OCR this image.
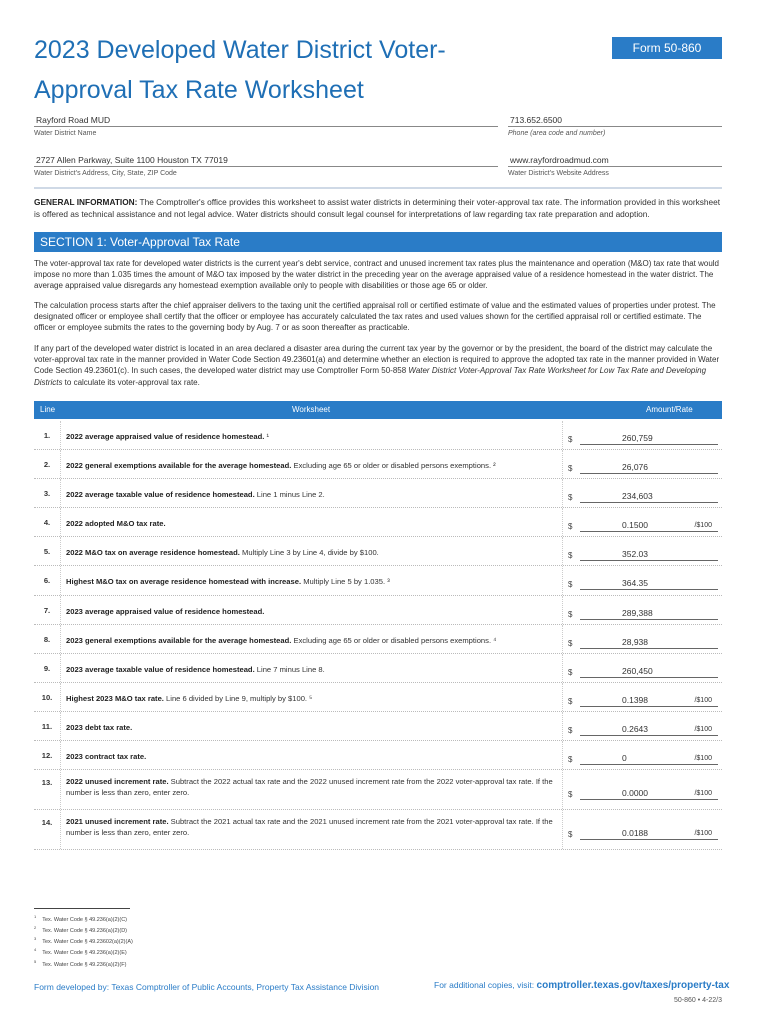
2023 Developed Water District Voter-
Approval Tax Rate Worksheet
Form 50-860
Rayford Road MUD
Water District Name
713.652.6500
Phone (area code and number)
2727 Allen Parkway, Suite 1100 Houston TX 77019
Water District's Address, City, State, ZIP Code
www.rayfordroadmud.com
Water District's Website Address
GENERAL INFORMATION: The Comptroller's office provides this worksheet to assist water districts in determining their voter-approval tax rate. The information provided in this worksheet is offered as technical assistance and not legal advice. Water districts should consult legal counsel for interpretations of law regarding tax rate preparation and adoption.
SECTION 1: Voter-Approval Tax Rate

The voter-approval tax rate for developed water districts is the current year's debt service, contract and unused increment tax rates plus the maintenance and operation (M&O) tax rate that would impose no more than 1.035 times the amount of M&O tax imposed by the water district in the preceding year on the average appraised value of a residence homestead in the water district. The average appraised value disregards any homestead exemption available only to people with disabilities or those age 65 or older.

The calculation process starts after the chief appraiser delivers to the taxing unit the certified appraisal roll or certified estimate of value and the estimated values of properties under protest. The designated officer or employee shall certify that the officer or employee has accurately calculated the tax rates and used values shown for the certified appraisal roll or certified estimate. The officer or employee submits the rates to the governing body by Aug. 7 or as soon thereafter as practicable.

If any part of the developed water district is located in an area declared a disaster area during the current tax year by the governor or by the president, the board of the district may calculate the voter-approval tax rate in the manner provided in Water Code Section 49.23601(a) and determine whether an election is required to approve the adopted tax rate in the manner provided in Water Code Section 49.23601(c). In such cases, the developed water district may use Comptroller Form 50-858 Water District Voter-Approval Tax Rate Worksheet for Low Tax Rate and Developing Districts to calculate its voter-approval tax rate.

Line	Worksheet	Amount/Rate
1.	2022 average appraised value of residence homestead. ¹	$	260,759
2.	2022 general exemptions available for the average homestead. Excluding age 65 or older or disabled persons exemptions. ²	$	26,076
3.	2022 average taxable value of residence homestead. Line 1 minus Line 2.	$	234,603
4.	2022 adopted M&O tax rate.	$	0.1500	/$100
5.	2022 M&O tax on average residence homestead. Multiply Line 3 by Line 4, divide by $100.	$	352.03
6.	Highest M&O tax on average residence homestead with increase. Multiply Line 5 by 1.035. ³	$	364.35
7.	2023 average appraised value of residence homestead.	$	289,388
8.	2023 general exemptions available for the average homestead. Excluding age 65 or older or disabled persons exemptions. ⁴	$	28,938
9.	2023 average taxable value of residence homestead. Line 7 minus Line 8.	$	260,450
10.	Highest 2023 M&O tax rate. Line 6 divided by Line 9, multiply by $100. ⁵	$	0.1398	/$100
11.	2023 debt tax rate.	$	0.2643	/$100
12.	2023 contract tax rate.	$	0	/$100
13.	2022 unused increment rate. Subtract the 2022 actual tax rate and the 2022 unused increment rate from the 2022 voter-approval tax rate. If the number is less than zero, enter zero.	$	0.0000	/$100
14.	2021 unused increment rate. Subtract the 2021 actual tax rate and the 2021 unused increment rate from the 2021 voter-approval tax rate. If the number is less than zero, enter zero.	$	0.0188	/$100
$^1$Tex. Water Code § 49.236(a)(2)(C)
$^2$Tex. Water Code § 49.236(a)(2)(D)
$^3$Tex. Water Code § 49.23602(a)(2)(A)
$^4$Tex. Water Code § 49.236(a)(2)(E)
$^5$Tex. Water Code § 49.236(a)(2)(F)
Form developed by: Texas Comptroller of Public Accounts, Property Tax Assistance Division	For additional copies, visit: comptroller.texas.gov/taxes/property-tax
50-860 • 4-22/3
